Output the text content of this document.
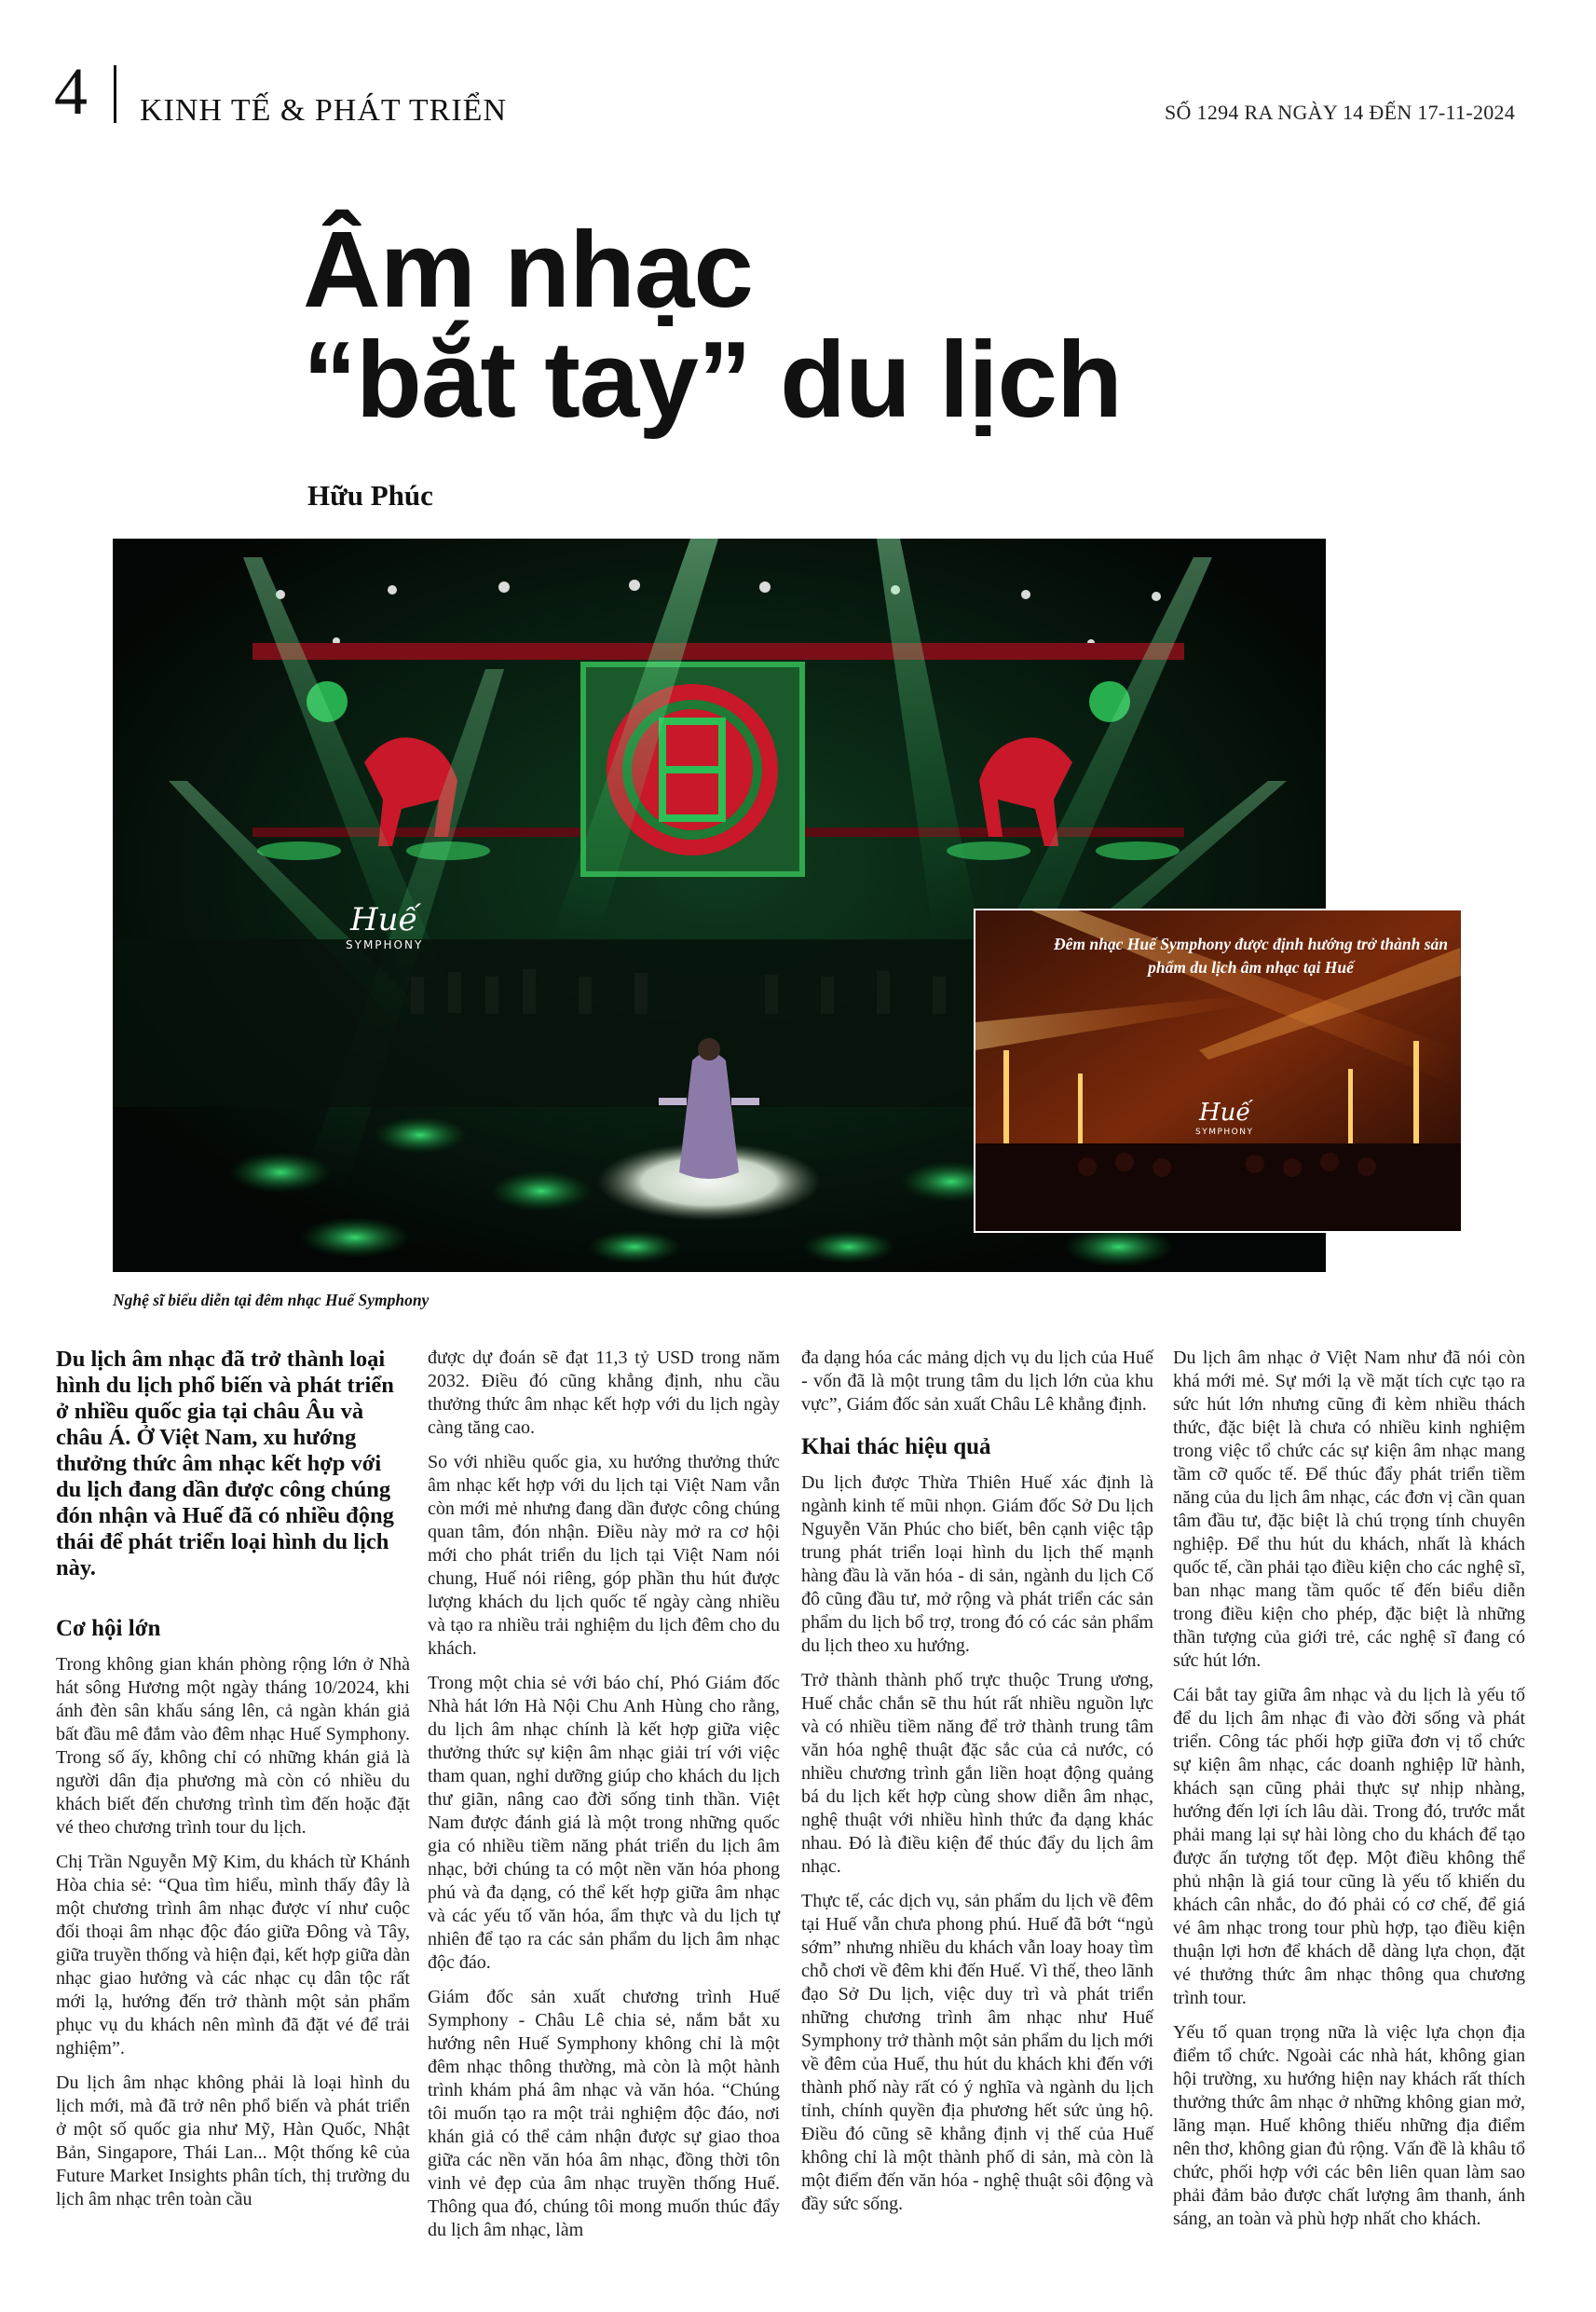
4 KINH TẾ & PHÁT TRIỂN	SỐ 1294 RA NGÀY 14 ĐẾN 17-11-2024
Âm nhạc
“bắt tay” du lịch
Hữu Phúc
Huế
SYMPHONY
Huế
SYMPHONY
Đêm nhạc Huế Symphony được định hướng trở thành sản phẩm du lịch âm nhạc tại Huế
Nghệ sĩ biểu diễn tại đêm nhạc Huế Symphony

Du lịch âm nhạc đã trở thành loại hình du lịch phổ biến và phát triển ở nhiều quốc gia tại châu Âu và châu Á. Ở Việt Nam, xu hướng thưởng thức âm nhạc kết hợp với du lịch đang dần được công chúng đón nhận và Huế đã có nhiều động thái để phát triển loại hình du lịch này.

Cơ hội lớn

Trong không gian khán phòng rộng lớn ở Nhà hát sông Hương một ngày tháng 10/2024, khi ánh đèn sân khấu sáng lên, cả ngàn khán giả bất đầu mê đắm vào đêm nhạc Huế Symphony. Trong số ấy, không chỉ có những khán giả là người dân địa phương mà còn có nhiều du khách biết đến chương trình tìm đến hoặc đặt vé theo chương trình tour du lịch.

Chị Trần Nguyễn Mỹ Kim, du khách từ Khánh Hòa chia sẻ: “Qua tìm hiểu, mình thấy đây là một chương trình âm nhạc được ví như cuộc đối thoại âm nhạc độc đáo giữa Đông và Tây, giữa truyền thống và hiện đại, kết hợp giữa dàn nhạc giao hưởng và các nhạc cụ dân tộc rất mới lạ, hướng đến trở thành một sản phẩm phục vụ du khách nên mình đã đặt vé để trải nghiệm”.

Du lịch âm nhạc không phải là loại hình du lịch mới, mà đã trở nên phổ biến và phát triển ở một số quốc gia như Mỹ, Hàn Quốc, Nhật Bản, Singapore, Thái Lan... Một thống kê của Future Market Insights phân tích, thị trường du lịch âm nhạc trên toàn cầu

được dự đoán sẽ đạt 11,3 tỷ USD trong năm 2032. Điều đó cũng khẳng định, nhu cầu thưởng thức âm nhạc kết hợp với du lịch ngày càng tăng cao.

So với nhiều quốc gia, xu hướng thưởng thức âm nhạc kết hợp với du lịch tại Việt Nam vẫn còn mới mẻ nhưng đang dần được công chúng quan tâm, đón nhận. Điều này mở ra cơ hội mới cho phát triển du lịch tại Việt Nam nói chung, Huế nói riêng, góp phần thu hút được lượng khách du lịch quốc tế ngày càng nhiều và tạo ra nhiều trải nghiệm du lịch đêm cho du khách.

Trong một chia sẻ với báo chí, Phó Giám đốc Nhà hát lớn Hà Nội Chu Anh Hùng cho rằng, du lịch âm nhạc chính là kết hợp giữa việc thưởng thức sự kiện âm nhạc giải trí với việc tham quan, nghỉ dưỡng giúp cho khách du lịch thư giãn, nâng cao đời sống tinh thần. Việt Nam được đánh giá là một trong những quốc gia có nhiều tiềm năng phát triển du lịch âm nhạc, bởi chúng ta có một nền văn hóa phong phú và đa dạng, có thể kết hợp giữa âm nhạc và các yếu tố văn hóa, ẩm thực và du lịch tự nhiên để tạo ra các sản phẩm du lịch âm nhạc độc đáo.

Giám đốc sản xuất chương trình Huế Symphony - Châu Lê chia sẻ, nắm bắt xu hướng nên Huế Symphony không chỉ là một đêm nhạc thông thường, mà còn là một hành trình khám phá âm nhạc và văn hóa. “Chúng tôi muốn tạo ra một trải nghiệm độc đáo, nơi khán giả có thể cảm nhận được sự giao thoa giữa các nền văn hóa âm nhạc, đồng thời tôn vinh vẻ đẹp của âm nhạc truyền thống Huế. Thông qua đó, chúng tôi mong muốn thúc đẩy du lịch âm nhạc, làm

đa dạng hóa các mảng dịch vụ du lịch của Huế - vốn đã là một trung tâm du lịch lớn của khu vực”, Giám đốc sản xuất Châu Lê khẳng định.

Khai thác hiệu quả

Du lịch được Thừa Thiên Huế xác định là ngành kinh tế mũi nhọn. Giám đốc Sở Du lịch Nguyễn Văn Phúc cho biết, bên cạnh việc tập trung phát triển loại hình du lịch thế mạnh hàng đầu là văn hóa - di sản, ngành du lịch Cố đô cũng đầu tư, mở rộng và phát triển các sản phẩm du lịch bổ trợ, trong đó có các sản phẩm du lịch theo xu hướng.

Trở thành thành phố trực thuộc Trung ương, Huế chắc chắn sẽ thu hút rất nhiều nguồn lực và có nhiều tiềm năng để trở thành trung tâm văn hóa nghệ thuật đặc sắc của cả nước, có nhiều chương trình gắn liền hoạt động quảng bá du lịch kết hợp cùng show diễn âm nhạc, nghệ thuật với nhiều hình thức đa dạng khác nhau. Đó là điều kiện để thúc đẩy du lịch âm nhạc.

Thực tế, các dịch vụ, sản phẩm du lịch về đêm tại Huế vẫn chưa phong phú. Huế đã bớt “ngủ sớm” nhưng nhiều du khách vẫn loay hoay tìm chỗ chơi về đêm khi đến Huế. Vì thế, theo lãnh đạo Sở Du lịch, việc duy trì và phát triển những chương trình âm nhạc như Huế Symphony trở thành một sản phẩm du lịch mới về đêm của Huế, thu hút du khách khi đến với thành phố này rất có ý nghĩa và ngành du lịch tỉnh, chính quyền địa phương hết sức ủng hộ. Điều đó cũng sẽ khẳng định vị thế của Huế không chỉ là một thành phố di sản, mà còn là một điểm đến văn hóa - nghệ thuật sôi động và đầy sức sống.

Du lịch âm nhạc ở Việt Nam như đã nói còn khá mới mẻ. Sự mới lạ về mặt tích cực tạo ra sức hút lớn nhưng cũng đi kèm nhiều thách thức, đặc biệt là chưa có nhiều kinh nghiệm trong việc tổ chức các sự kiện âm nhạc mang tầm cỡ quốc tế. Để thúc đẩy phát triển tiềm năng của du lịch âm nhạc, các đơn vị cần quan tâm đầu tư, đặc biệt là chú trọng tính chuyên nghiệp. Để thu hút du khách, nhất là khách quốc tế, cần phải tạo điều kiện cho các nghệ sĩ, ban nhạc mang tầm quốc tế đến biểu diễn trong điều kiện cho phép, đặc biệt là những thần tượng của giới trẻ, các nghệ sĩ đang có sức hút lớn.

Cái bắt tay giữa âm nhạc và du lịch là yếu tố để du lịch âm nhạc đi vào đời sống và phát triển. Công tác phối hợp giữa đơn vị tổ chức sự kiện âm nhạc, các doanh nghiệp lữ hành, khách sạn cũng phải thực sự nhịp nhàng, hướng đến lợi ích lâu dài. Trong đó, trước mắt phải mang lại sự hài lòng cho du khách để tạo được ấn tượng tốt đẹp. Một điều không thể phủ nhận là giá tour cũng là yếu tố khiến du khách cân nhắc, do đó phải có cơ chế, để giá vé âm nhạc trong tour phù hợp, tạo điều kiện thuận lợi hơn để khách dễ dàng lựa chọn, đặt vé thưởng thức âm nhạc thông qua chương trình tour.

Yếu tố quan trọng nữa là việc lựa chọn địa điểm tổ chức. Ngoài các nhà hát, không gian hội trường, xu hướng hiện nay khách rất thích thưởng thức âm nhạc ở những không gian mở, lãng mạn. Huế không thiếu những địa điểm nên thơ, không gian đủ rộng. Vấn đề là khâu tổ chức, phối hợp với các bên liên quan làm sao phải đảm bảo được chất lượng âm thanh, ánh sáng, an toàn và phù hợp nhất cho khách.
